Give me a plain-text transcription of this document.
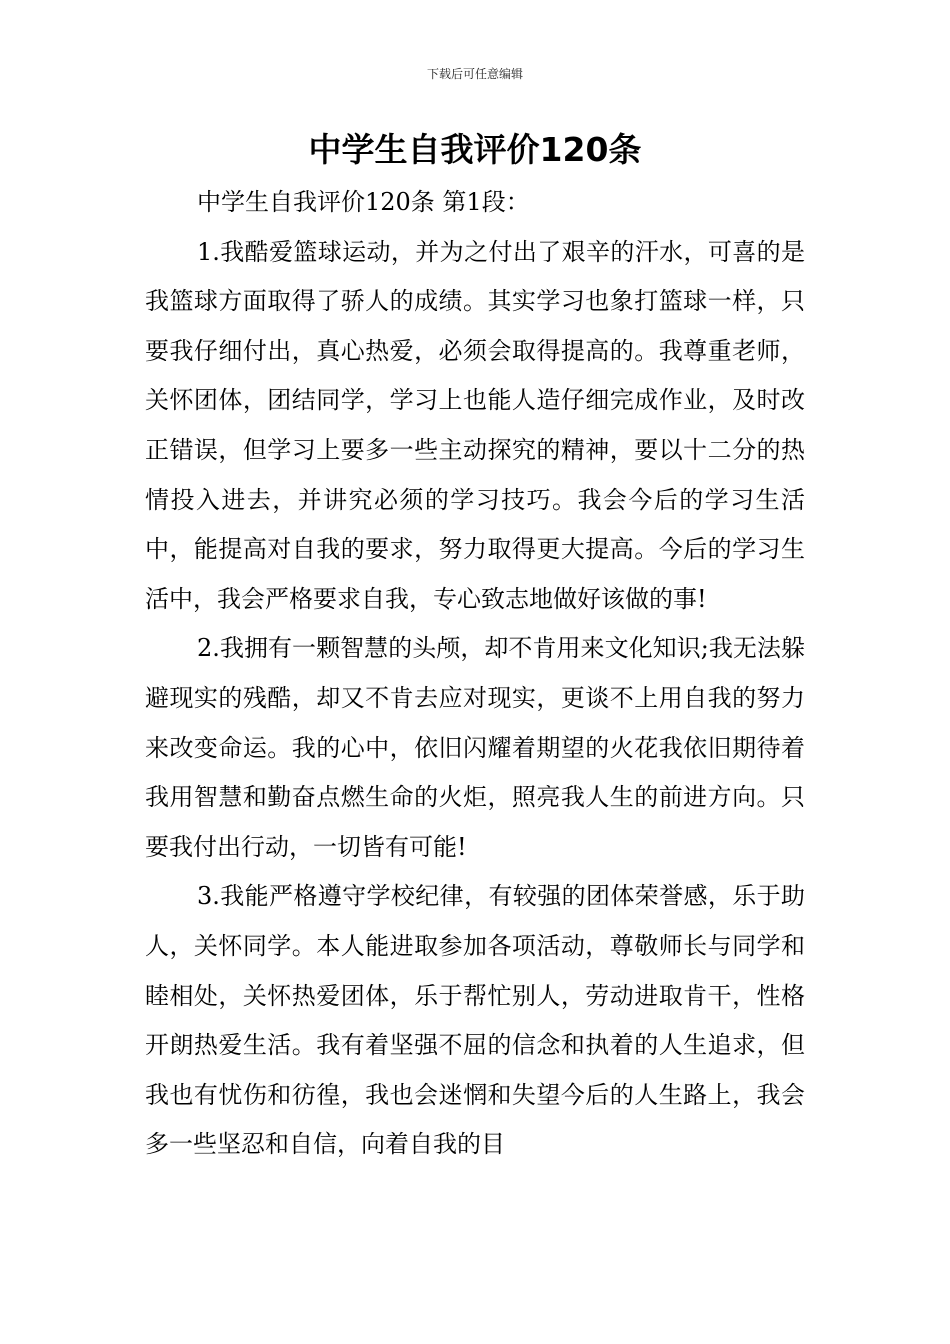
下载后可任意编辑
中学生自我评价120条

中学生自我评价120条 第1段：

1.我酷爱篮球运动，并为之付出了艰辛的汗水，可喜的是我篮球方面取得了骄人的成绩。其实学习也象打篮球一样，只要我仔细付出，真心热爱，必须会取得提高的。我尊重老师，关怀团体，团结同学，学习上也能人造仔细完成作业，及时改正错误，但学习上要多一些主动探究的精神，要以十二分的热情投入进去，并讲究必须的学习技巧。我会今后的学习生活中，能提高对自我的要求，努力取得更大提高。今后的学习生活中，我会严格要求自我，专心致志地做好该做的事!

2.我拥有一颗智慧的头颅，却不肯用来文化知识;我无法躲避现实的残酷，却又不肯去应对现实，更谈不上用自我的努力来改变命运。我的心中，依旧闪耀着期望的火花我依旧期待着我用智慧和勤奋点燃生命的火炬，照亮我人生的前进方向。只要我付出行动，一切皆有可能!

3.我能严格遵守学校纪律，有较强的团体荣誉感，乐于助人，关怀同学。本人能进取参加各项活动，尊敬师长与同学和睦相处，关怀热爱团体，乐于帮忙别人，劳动进取肯干，性格开朗热爱生活。我有着坚强不屈的信念和执着的人生追求，但我也有忧伤和彷徨，我也会迷惘和失望今后的人生路上，我会多一些坚忍和自信，向着自我的目
